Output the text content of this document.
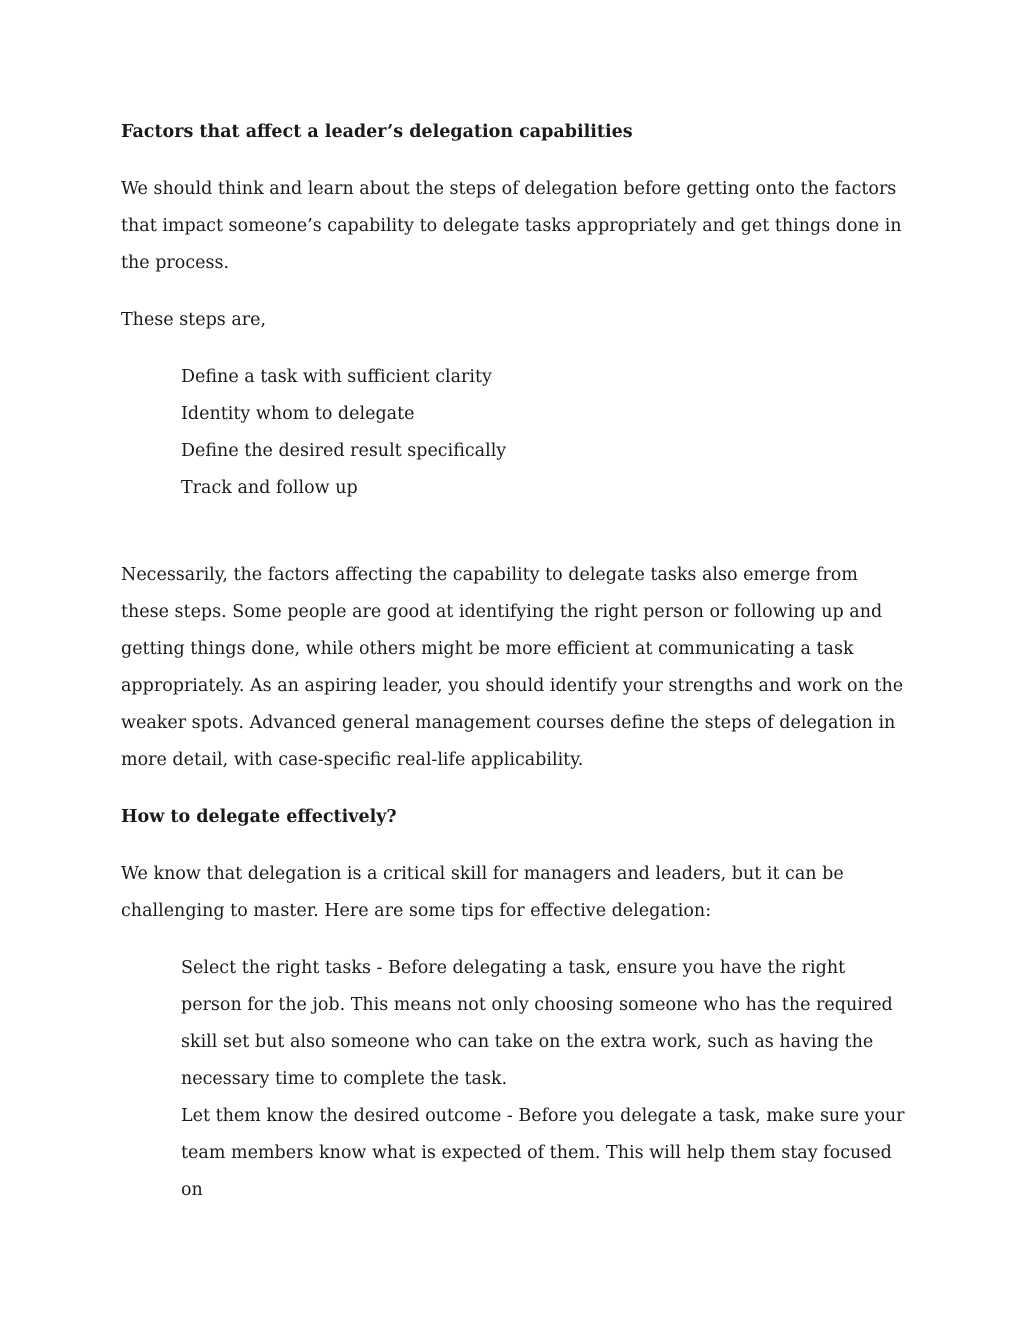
Factors that affect a leader’s delegation capabilities

We should think and learn about the steps of delegation before getting onto the factors that impact someone’s capability to delegate tasks appropriately and get things done in the process.

These steps are,

Define a task with sufficient clarity
Identity whom to delegate
Define the desired result specifically
Track and follow up

Necessarily, the factors affecting the capability to delegate tasks also emerge from these steps. Some people are good at identifying the right person or following up and getting things done, while others might be more efficient at communicating a task appropriately. As an aspiring leader, you should identify your strengths and work on the weaker spots. Advanced general management courses define the steps of delegation in more detail, with case-specific real-life applicability.

How to delegate effectively?

We know that delegation is a critical skill for managers and leaders, but it can be challenging to master. Here are some tips for effective delegation:

Select the right tasks - Before delegating a task, ensure you have the right person for the job. This means not only choosing someone who has the required skill set but also someone who can take on the extra work, such as having the necessary time to complete the task.
Let them know the desired outcome - Before you delegate a task, make sure your team members know what is expected of them. This will help them stay focused on
